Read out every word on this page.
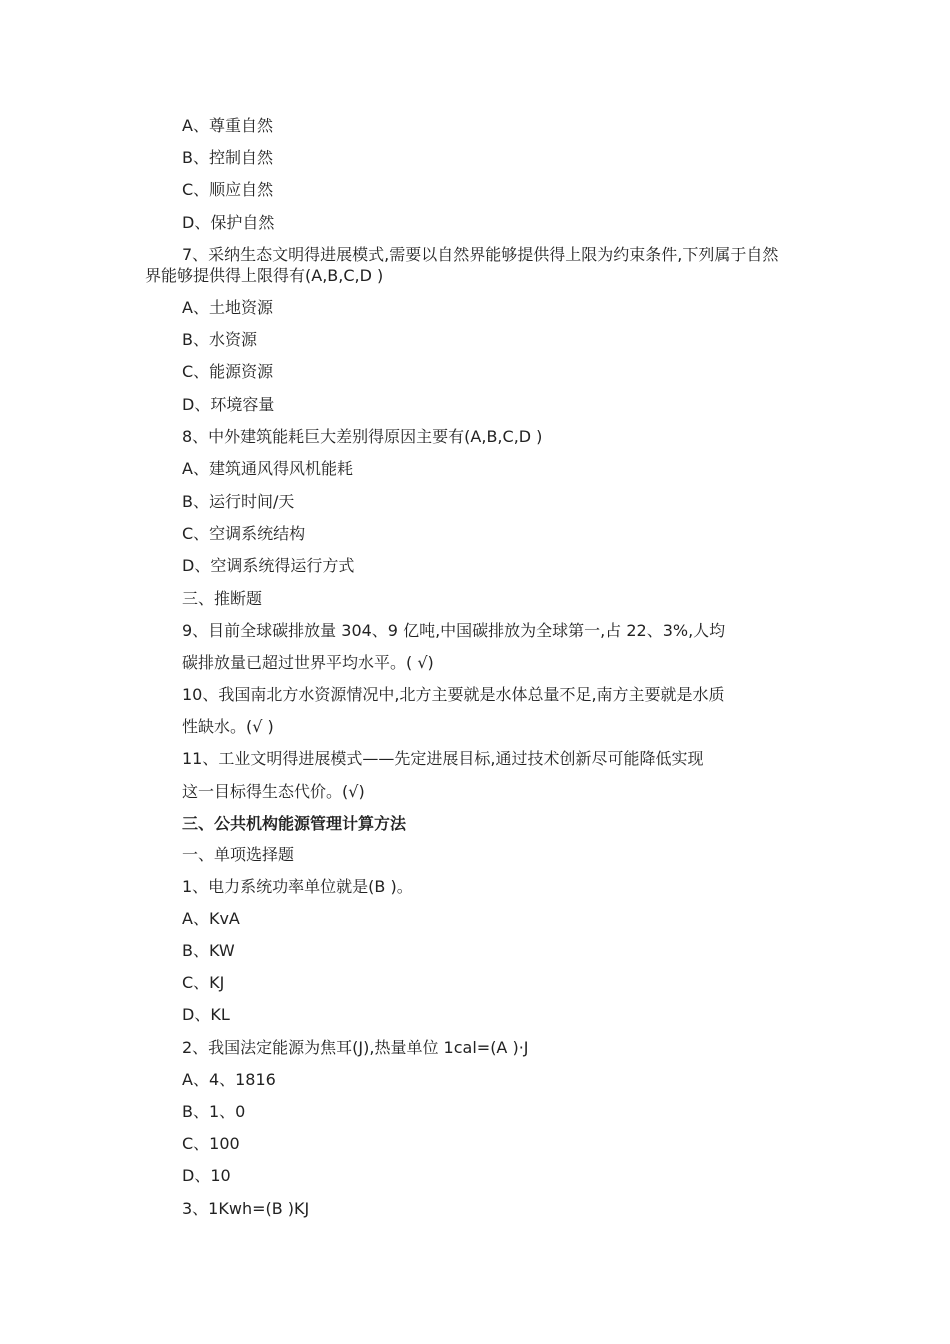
A、尊重自然
B、控制自然
C、顺应自然
D、保护自然
7、采纳生态文明得进展模式,需要以自然界能够提供得上限为约束条件,下列属于自然
界能够提供得上限得有(A,B,C,D )
A、土地资源
B、水资源
C、能源资源
D、环境容量
8、中外建筑能耗巨大差别得原因主要有(A,B,C,D )
A、建筑通风得风机能耗
B、运行时间/天
C、空调系统结构
D、空调系统得运行方式
三、推断题
9、目前全球碳排放量 304、9 亿吨,中国碳排放为全球第一,占 22、3%,人均
碳排放量已超过世界平均水平。( √)
10、我国南北方水资源情况中,北方主要就是水体总量不足,南方主要就是水质
性缺水。(√ )
11、工业文明得进展模式——先定进展目标,通过技术创新尽可能降低实现
这一目标得生态代价。(√)
三、公共机构能源管理计算方法
一、单项选择题
1、电力系统功率单位就是(B )。
A、KvA
B、KW
C、KJ
D、KL
2、我国法定能源为焦耳(J),热量单位 1cal=(A )·J
A、4、1816
B、1、0
C、100
D、10
3、1Kwh=(B )KJ
